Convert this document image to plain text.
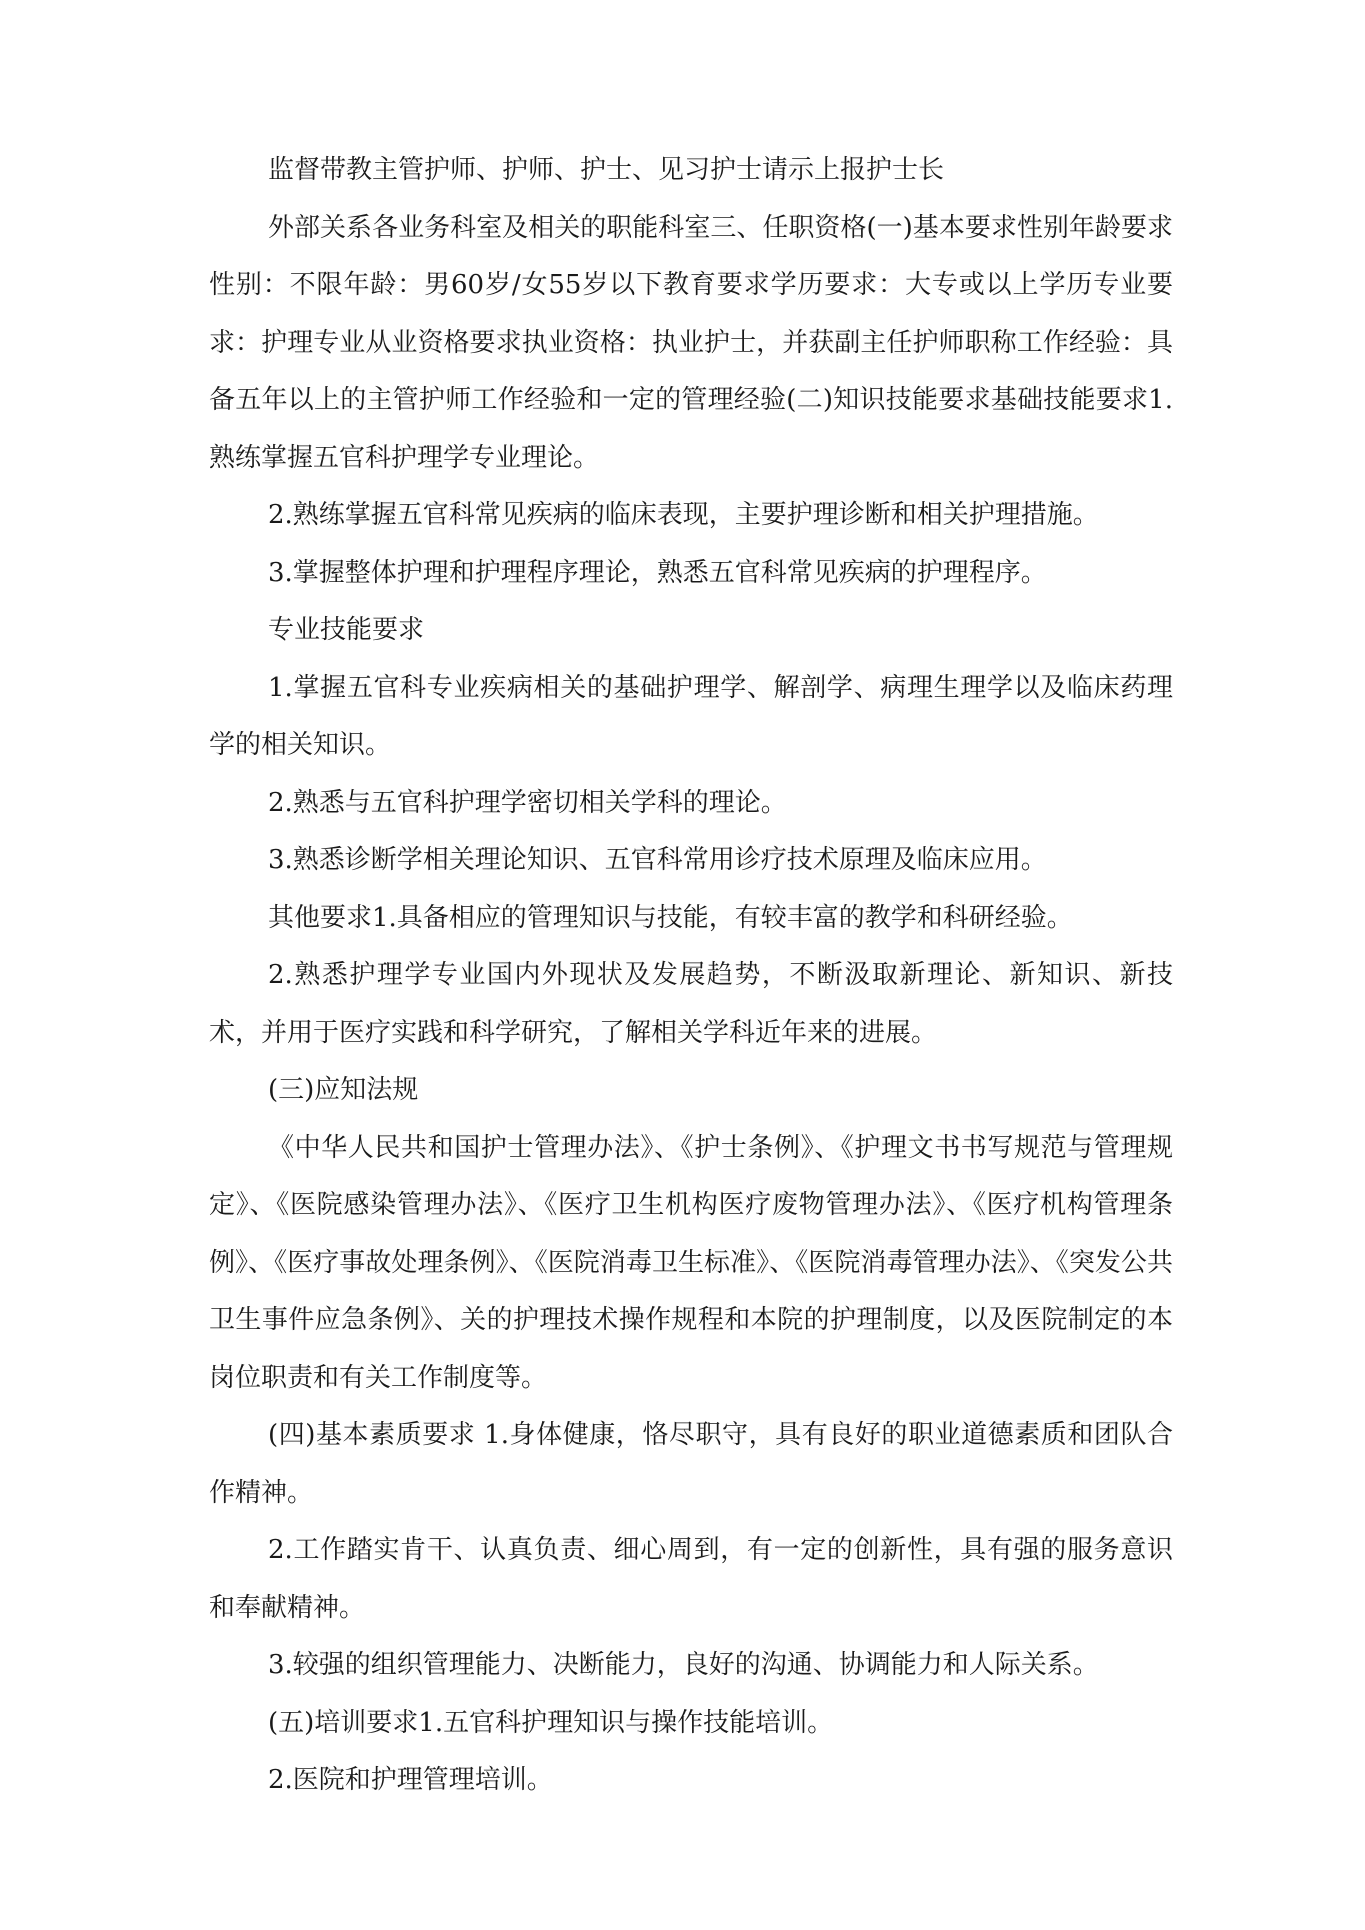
监督带教主管护师、护师、护士、见习护士请示上报护士长

外部关系各业务科室及相关的职能科室三、任职资格(一)基本要求性别年龄要求性别：不限年龄：男60岁/女55岁以下教育要求学历要求：大专或以上学历专业要求：护理专业从业资格要求执业资格：执业护士，并获副主任护师职称工作经验：具备五年以上的主管护师工作经验和一定的管理经验(二)知识技能要求基础技能要求1.熟练掌握五官科护理学专业理论。

2.熟练掌握五官科常见疾病的临床表现，主要护理诊断和相关护理措施。

3.掌握整体护理和护理程序理论，熟悉五官科常见疾病的护理程序。

专业技能要求

1.掌握五官科专业疾病相关的基础护理学、解剖学、病理生理学以及临床药理学的相关知识。

2.熟悉与五官科护理学密切相关学科的理论。

3.熟悉诊断学相关理论知识、五官科常用诊疗技术原理及临床应用。

其他要求1.具备相应的管理知识与技能，有较丰富的教学和科研经验。

2.熟悉护理学专业国内外现状及发展趋势，不断汲取新理论、新知识、新技术，并用于医疗实践和科学研究，了解相关学科近年来的进展。

(三)应知法规

《中华人民共和国护士管理办法》、《护士条例》、《护理文书书写规范与管理规定》、《医院感染管理办法》、《医疗卫生机构医疗废物管理办法》、《医疗机构管理条例》、《医疗事故处理条例》、《医院消毒卫生标准》、《医院消毒管理办法》、《突发公共卫生事件应急条例》、关的护理技术操作规程和本院的护理制度，以及医院制定的本岗位职责和有关工作制度等。

(四)基本素质要求 1.身体健康，恪尽职守，具有良好的职业道德素质和团队合作精神。

2.工作踏实肯干、认真负责、细心周到，有一定的创新性，具有强的服务意识和奉献精神。

3.较强的组织管理能力、决断能力，良好的沟通、协调能力和人际关系。

(五)培训要求1.五官科护理知识与操作技能培训。

2.医院和护理管理培训。
